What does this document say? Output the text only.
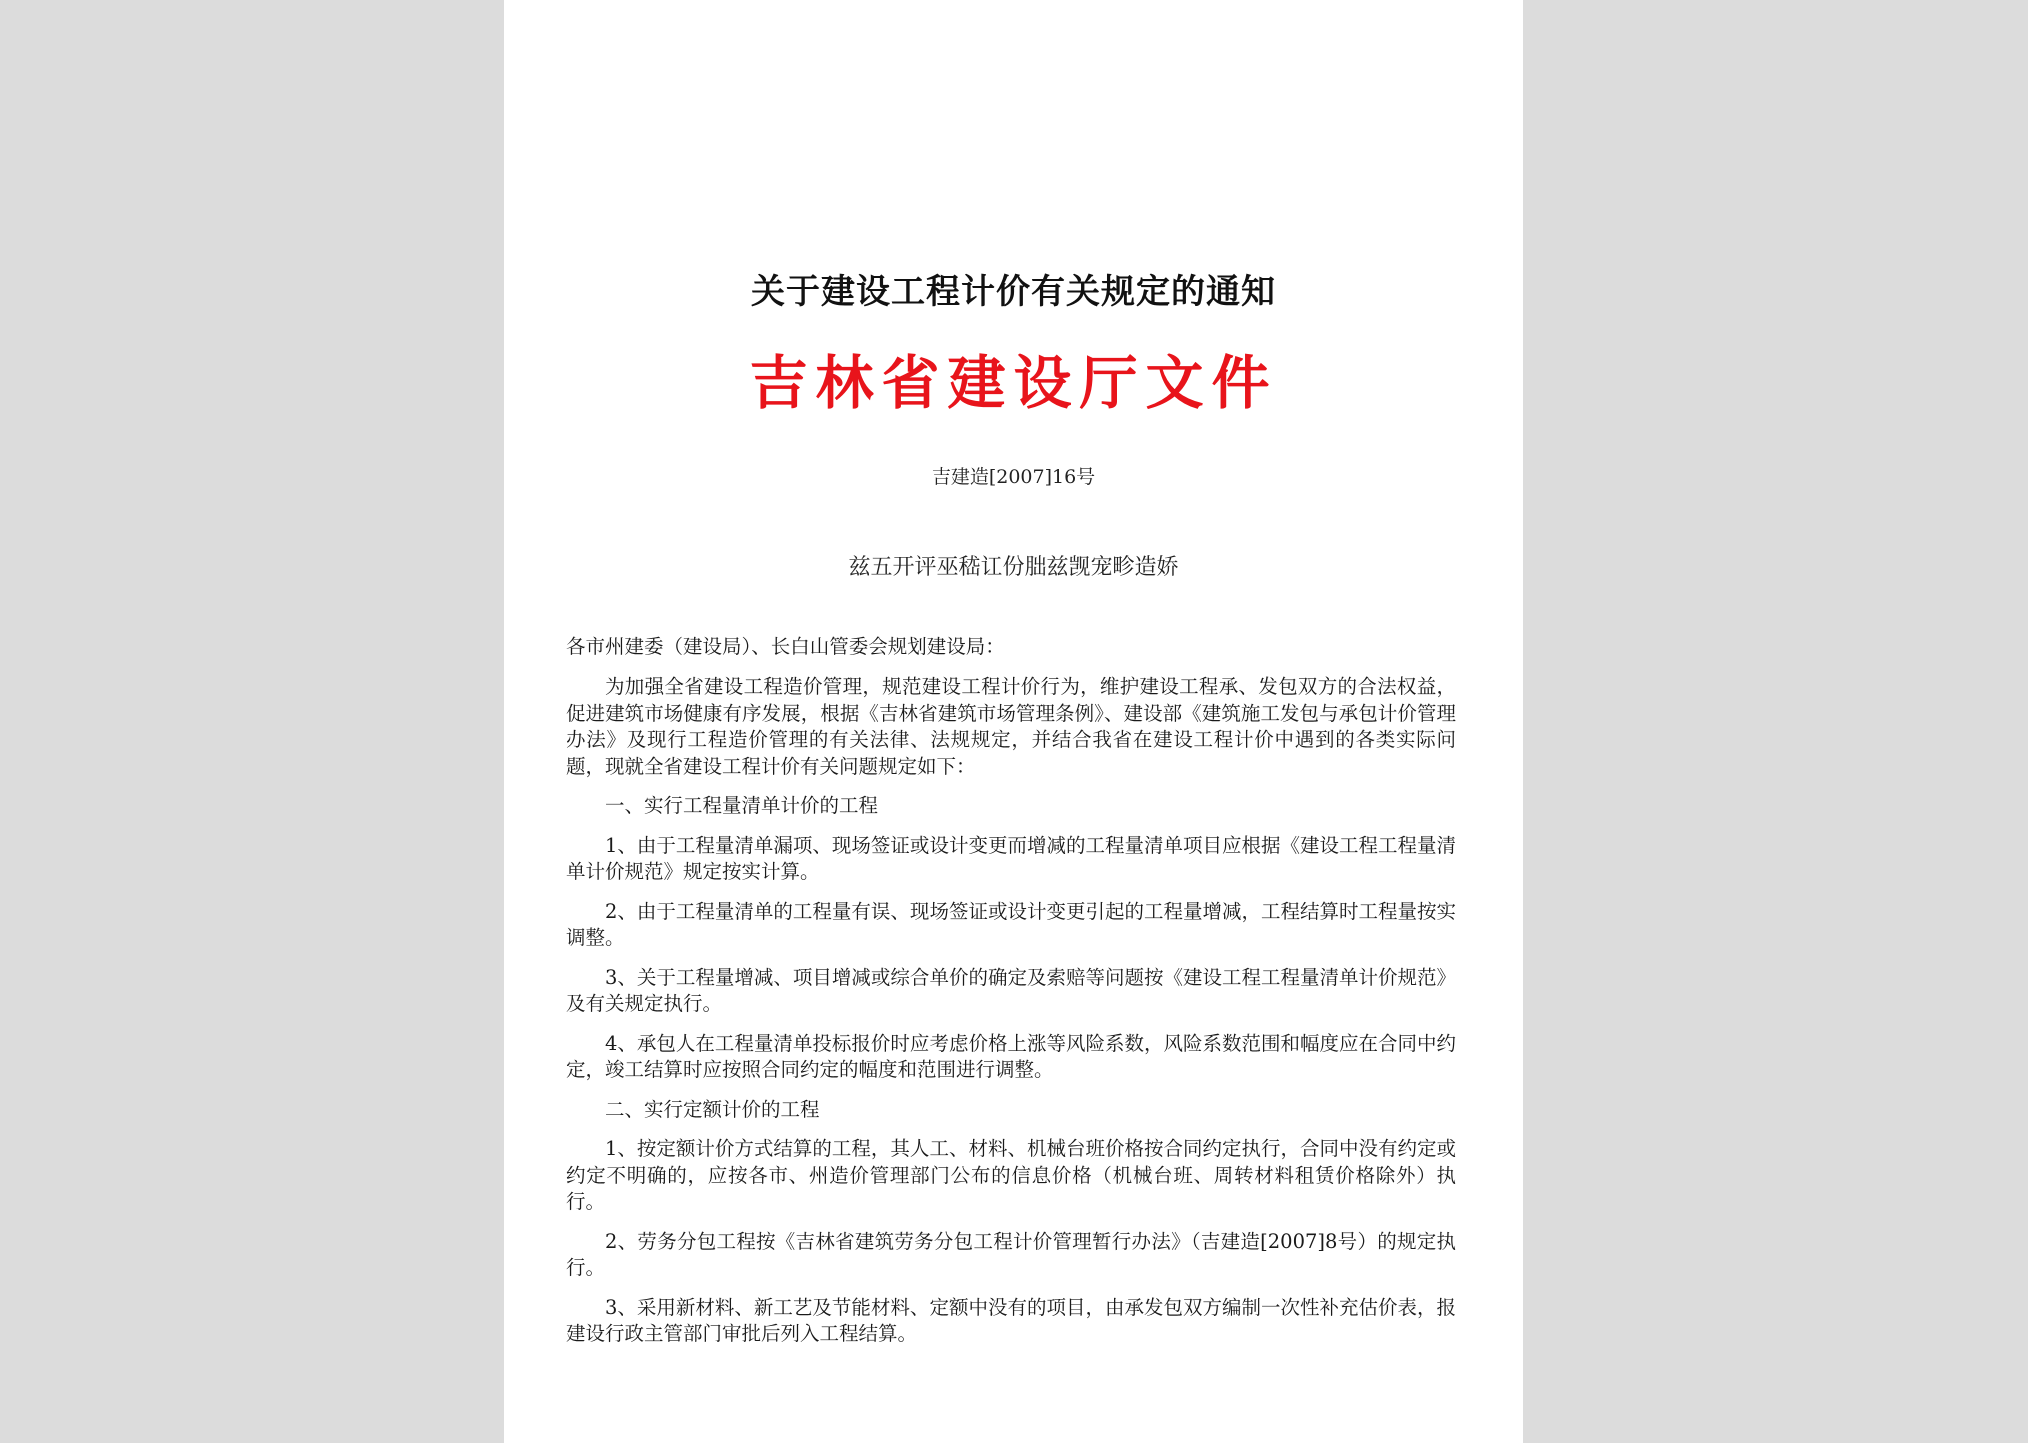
关于建设工程计价有关规定的通知
吉林省建设厅文件
吉建造[2007]16号
兹五开评巫嵇讧份朏兹觊宠畛造娇
各市州建委（建设局）、长白山管委会规划建设局：

为加强全省建设工程造价管理，规范建设工程计价行为，维护建设工程承、发包双方的合法权益，促进建筑市场健康有序发展，根据《吉林省建筑市场管理条例》、建设部《建筑施工发包与承包计价管理办法》及现行工程造价管理的有关法律、法规规定，并结合我省在建设工程计价中遇到的各类实际问题，现就全省建设工程计价有关问题规定如下：

一、实行工程量清单计价的工程

1、由于工程量清单漏项、现场签证或设计变更而增减的工程量清单项目应根据《建设工程工程量清单计价规范》规定按实计算。

2、由于工程量清单的工程量有误、现场签证或设计变更引起的工程量增减，工程结算时工程量按实调整。

3、关于工程量增减、项目增减或综合单价的确定及索赔等问题按《建设工程工程量清单计价规范》及有关规定执行。

4、承包人在工程量清单投标报价时应考虑价格上涨等风险系数，风险系数范围和幅度应在合同中约定，竣工结算时应按照合同约定的幅度和范围进行调整。

二、实行定额计价的工程

1、按定额计价方式结算的工程，其人工、材料、机械台班价格按合同约定执行，合同中没有约定或约定不明确的，应按各市、州造价管理部门公布的信息价格（机械台班、周转材料租赁价格除外）执行。

2、劳务分包工程按《吉林省建筑劳务分包工程计价管理暂行办法》（吉建造[2007]8号）的规定执行。

3、采用新材料、新工艺及节能材料、定额中没有的项目，由承发包双方编制一次性补充估价表，报建设行政主管部门审批后列入工程结算。
